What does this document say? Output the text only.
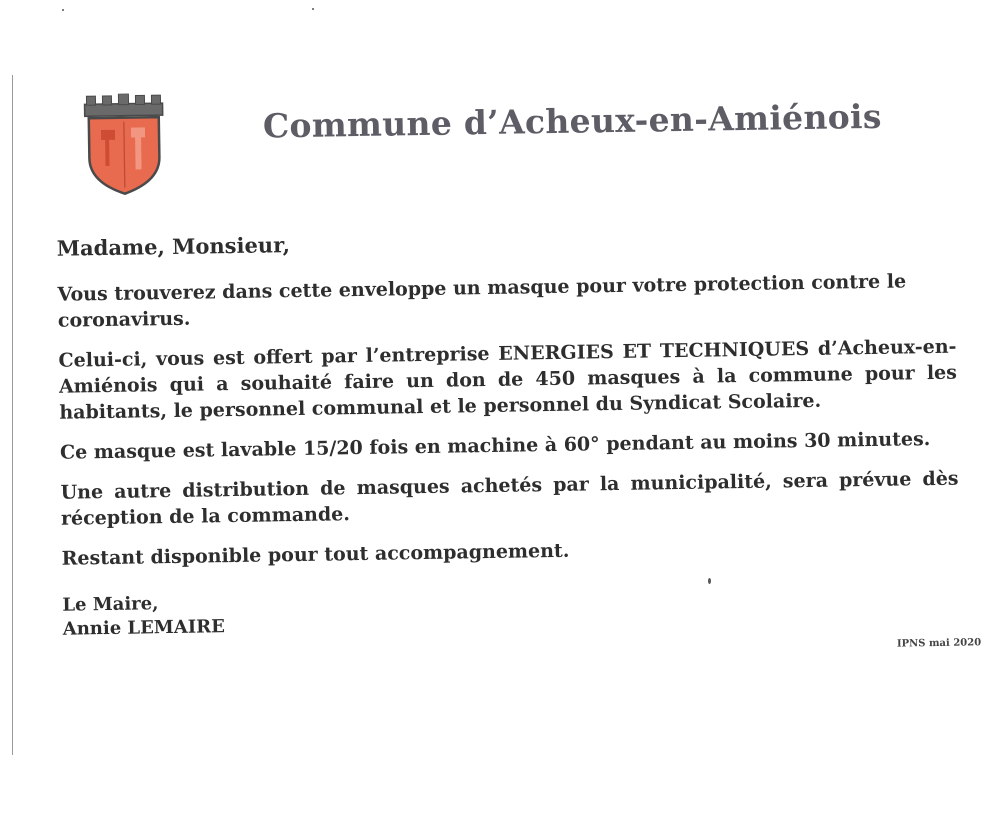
Commune d’Acheux-en-Amiénois

Madame, Monsieur,

Vous trouverez dans cette enveloppe un masque pour votre protection contre le coronavirus.

Celui-ci, vous est offert par l’entreprise ENERGIES ET TECHNIQUES d’Acheux-en-Amiénois qui a souhaité faire un don de 450 masques à la commune pour les habitants, le personnel communal et le personnel du Syndicat Scolaire.

Ce masque est lavable 15/20 fois en machine à 60° pendant au moins 30 minutes.

Une autre distribution de masques achetés par la municipalité, sera prévue dès réception de la commande.

Restant disponible pour tout accompagnement.

Le Maire,
Annie LEMAIRE
IPNS mai 2020
